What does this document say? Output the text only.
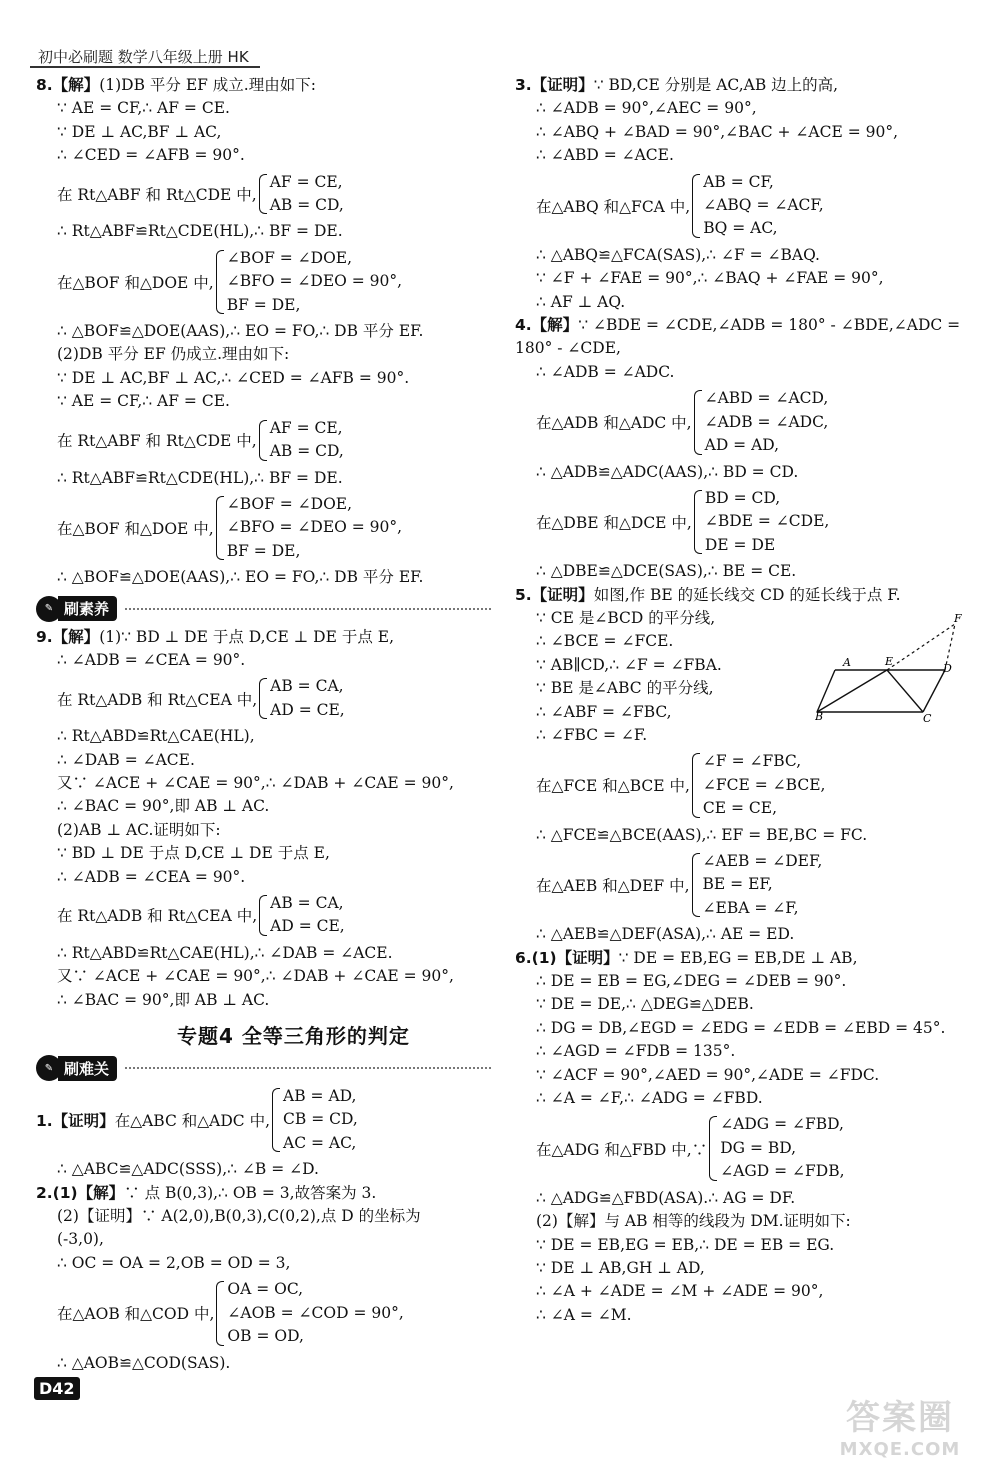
初中必刷题 数学八年级上册 HK
8.【解】(1)DB 平分 EF 成立.理由如下:
∵ AE = CF,∴ AF = CE.
∵ DE ⊥ AC,BF ⊥ AC,
∴ ∠CED = ∠AFB = 90°.
在 Rt△ABF 和 Rt△CDE 中,
AF = CE,
AB = CD,
∴ Rt△ABF≌Rt△CDE(HL),∴ BF = DE.
在△BOF 和△DOE 中,
∠BOF = ∠DOE,
∠BFO = ∠DEO = 90°,
BF = DE,
∴ △BOF≌△DOE(AAS),∴ EO = FO,∴ DB 平分 EF.
(2)DB 平分 EF 仍成立.理由如下:
∵ DE ⊥ AC,BF ⊥ AC,∴ ∠CED = ∠AFB = 90°.
∵ AE = CF,∴ AF = CE.
在 Rt△ABF 和 Rt△CDE 中,
AF = CE,
AB = CD,
∴ Rt△ABF≌Rt△CDE(HL),∴ BF = DE.
在△BOF 和△DOE 中,
∠BOF = ∠DOE,
∠BFO = ∠DEO = 90°,
BF = DE,
∴ △BOF≌△DOE(AAS),∴ EO = FO,∴ DB 平分 EF.
✎ 刷素养
9.【解】(1)∵ BD ⊥ DE 于点 D,CE ⊥ DE 于点 E,
∴ ∠ADB = ∠CEA = 90°.
在 Rt△ADB 和 Rt△CEA 中,
AB = CA,
AD = CE,
∴ Rt△ABD≌Rt△CAE(HL),
∴ ∠DAB = ∠ACE.
又∵ ∠ACE + ∠CAE = 90°,∴ ∠DAB + ∠CAE = 90°,
∴ ∠BAC = 90°,即 AB ⊥ AC.
(2)AB ⊥ AC.证明如下:
∵ BD ⊥ DE 于点 D,CE ⊥ DE 于点 E,
∴ ∠ADB = ∠CEA = 90°.
在 Rt△ADB 和 Rt△CEA 中,
AB = CA,
AD = CE,
∴ Rt△ABD≌Rt△CAE(HL),∴ ∠DAB = ∠ACE.
又∵ ∠ACE + ∠CAE = 90°,∴ ∠DAB + ∠CAE = 90°,
∴ ∠BAC = 90°,即 AB ⊥ AC.
专题4 全等三角形的判定
✎ 刷难关
1.【证明】在△ABC 和△ADC 中,
AB = AD,
CB = CD,
AC = AC,
∴ △ABC≌△ADC(SSS),∴ ∠B = ∠D.
2.(1)【解】∵ 点 B(0,3),∴ OB = 3,故答案为 3.
(2)【证明】∵ A(2,0),B(0,3),C(0,2),点 D 的坐标为
(-3,0),
∴ OC = OA = 2,OB = OD = 3,
在△AOB 和△COD 中,
OA = OC,
∠AOB = ∠COD = 90°,
OB = OD,
∴ △AOB≌△COD(SAS).
3.【证明】∵ BD,CE 分别是 AC,AB 边上的高,
∴ ∠ADB = 90°,∠AEC = 90°,
∴ ∠ABQ + ∠BAD = 90°,∠BAC + ∠ACE = 90°,
∴ ∠ABD = ∠ACE.
在△ABQ 和△FCA 中,
AB = CF,
∠ABQ = ∠ACF,
BQ = AC,
∴ △ABQ≌△FCA(SAS),∴ ∠F = ∠BAQ.
∵ ∠F + ∠FAE = 90°,∴ ∠BAQ + ∠FAE = 90°,
∴ AF ⊥ AQ.
4.【解】∵ ∠BDE = ∠CDE,∠ADB = 180° - ∠BDE,∠ADC =
180° - ∠CDE,
∴ ∠ADB = ∠ADC.
在△ADB 和△ADC 中,
∠ABD = ∠ACD,
∠ADB = ∠ADC,
AD = AD,
∴ △ADB≌△ADC(AAS),∴ BD = CD.
在△DBE 和△DCE 中,
BD = CD,
∠BDE = ∠CDE,
DE = DE
∴ △DBE≌△DCE(SAS),∴ BE = CE.
5.【证明】如图,作 BE 的延长线交 CD 的延长线于点 F.
∵ CE 是∠BCD 的平分线,
∴ ∠BCE = ∠FCE.
∵ AB∥CD,∴ ∠F = ∠FBA.
∵ BE 是∠ABC 的平分线,
∴ ∠ABF = ∠FBC,
∴ ∠FBC = ∠F.
在△FCE 和△BCE 中,
∠F = ∠FBC,
∠FCE = ∠BCE,
CE = CE,
∴ △FCE≌△BCE(AAS),∴ EF = BE,BC = FC.
在△AEB 和△DEF 中,
∠AEB = ∠DEF,
BE = EF,
∠EBA = ∠F,
∴ △AEB≌△DEF(ASA),∴ AE = ED.
6.(1)【证明】∵ DE = EB,EG = EB,DE ⊥ AB,
∴ DE = EB = EG,∠DEG = ∠DEB = 90°.
∵ DE = DE,∴ △DEG≌△DEB.
∴ DG = DB,∠EGD = ∠EDG = ∠EDB = ∠EBD = 45°.
∴ ∠AGD = ∠FDB = 135°.
∵ ∠ACF = 90°,∠AED = 90°,∠ADE = ∠FDC.
∴ ∠A = ∠F,∴ ∠ADG = ∠FBD.
在△ADG 和△FBD 中,∵
∠ADG = ∠FBD,
DG = BD,
∠AGD = ∠FDB,
∴ △ADG≌△FBD(ASA).∴ AG = DF.
(2)【解】与 AB 相等的线段为 DM.证明如下:
∵ DE = EB,EG = EB,∴ DE = EB = EG.
∵ DE ⊥ AB,GH ⊥ AD,
∴ ∠A + ∠ADE = ∠M + ∠ADE = 90°,
∴ ∠A = ∠M.
A	E
D
F
B	C
D42
答案圈
MXQE.COM
